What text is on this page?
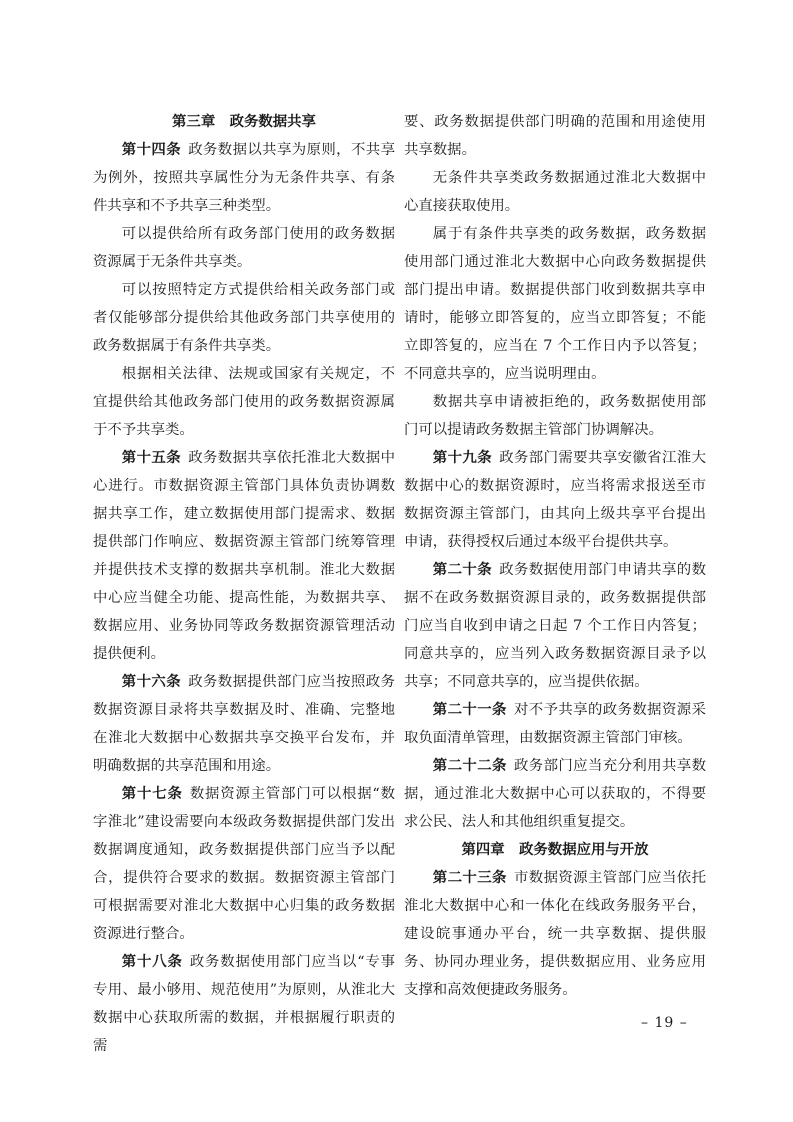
第三章　政务数据共享

第十四条 政务数据以共享为原则，不共享为例外，按照共享属性分为无条件共享、有条件共享和不予共享三种类型。

可以提供给所有政务部门使用的政务数据资源属于无条件共享类。

可以按照特定方式提供给相关政务部门或者仅能够部分提供给其他政务部门共享使用的政务数据属于有条件共享类。

根据相关法律、法规或国家有关规定，不宜提供给其他政务部门使用的政务数据资源属于不予共享类。

第十五条 政务数据共享依托淮北大数据中心进行。市数据资源主管部门具体负责协调数据共享工作，建立数据使用部门提需求、数据提供部门作响应、数据资源主管部门统筹管理并提供技术支撑的数据共享机制。淮北大数据中心应当健全功能、提高性能，为数据共享、数据应用、业务协同等政务数据资源管理活动提供便利。

第十六条 政务数据提供部门应当按照政务数据资源目录将共享数据及时、准确、完整地在淮北大数据中心数据共享交换平台发布，并明确数据的共享范围和用途。

第十七条 数据资源主管部门可以根据“数字淮北”建设需要向本级政务数据提供部门发出数据调度通知，政务数据提供部门应当予以配合，提供符合要求的数据。数据资源主管部门可根据需要对淮北大数据中心归集的政务数据资源进行整合。

第十八条 政务数据使用部门应当以“专事专用、最小够用、规范使用”为原则，从淮北大数据中心获取所需的数据，并根据履行职责的需

要、政务数据提供部门明确的范围和用途使用共享数据。

无条件共享类政务数据通过淮北大数据中心直接获取使用。

属于有条件共享类的政务数据，政务数据使用部门通过淮北大数据中心向政务数据提供部门提出申请。数据提供部门收到数据共享申请时，能够立即答复的，应当立即答复；不能立即答复的，应当在 7 个工作日内予以答复；不同意共享的，应当说明理由。

数据共享申请被拒绝的，政务数据使用部门可以提请政务数据主管部门协调解决。

第十九条 政务部门需要共享安徽省江淮大数据中心的数据资源时，应当将需求报送至市数据资源主管部门，由其向上级共享平台提出申请，获得授权后通过本级平台提供共享。

第二十条 政务数据使用部门申请共享的数据不在政务数据资源目录的，政务数据提供部门应当自收到申请之日起 7 个工作日内答复；同意共享的，应当列入政务数据资源目录予以共享；不同意共享的，应当提供依据。

第二十一条 对不予共享的政务数据资源采取负面清单管理，由数据资源主管部门审核。

第二十二条 政务部门应当充分利用共享数据，通过淮北大数据中心可以获取的，不得要求公民、法人和其他组织重复提交。

第四章　政务数据应用与开放

第二十三条 市数据资源主管部门应当依托淮北大数据中心和一体化在线政务服务平台，建设皖事通办平台，统一共享数据、提供服务、协同办理业务，提供数据应用、业务应用支撑和高效便捷政务服务。

– 19 –
